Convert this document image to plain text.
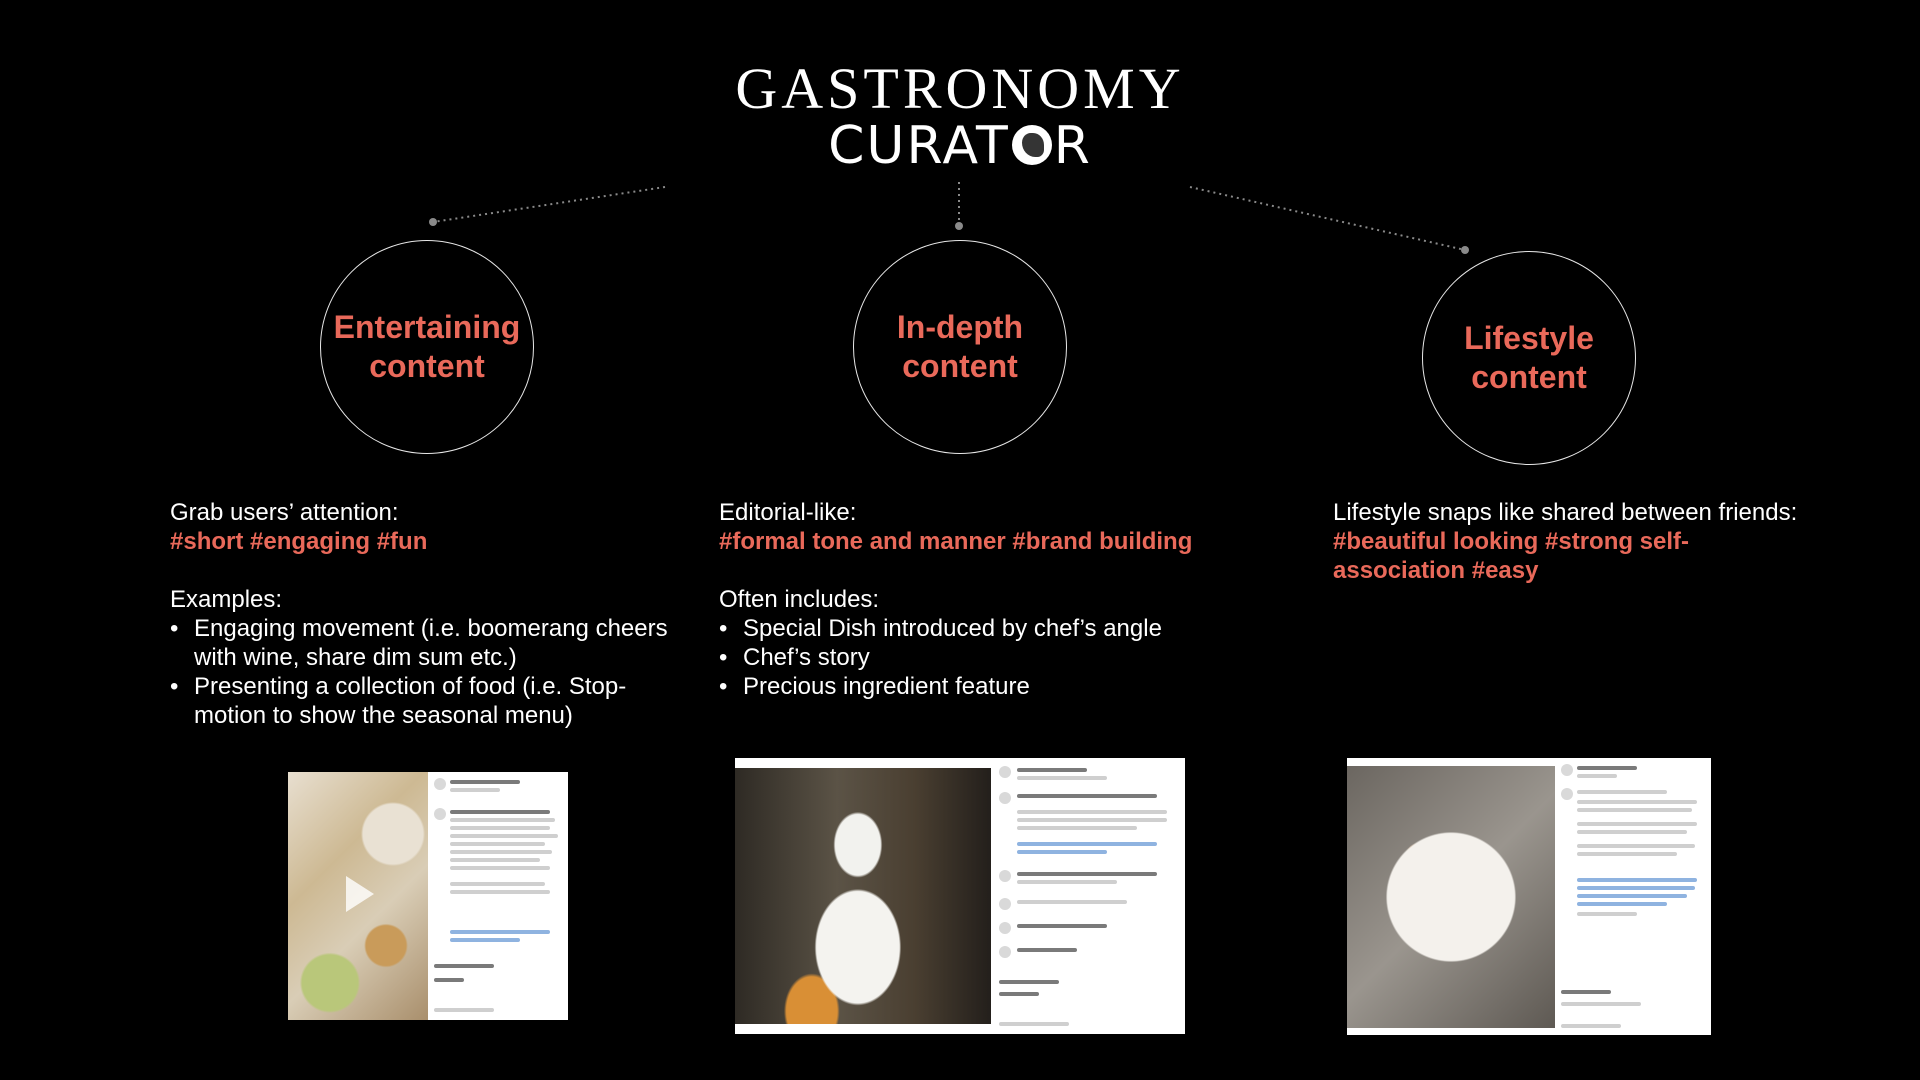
GASTRONOMY
CURAT R
Entertaining content
In-depth content
Lifestyle content
Grab users’ attention:
#short #engaging #fun
Examples:
• Engaging movement (i.e. boomerang cheers with wine, share dim sum etc.)
• Presenting a collection of food (i.e. Stop-motion to show the seasonal menu)
Editorial-like:
#formal tone and manner #brand building
Often includes:
• Special Dish introduced by chef’s angle
• Chef’s story
• Precious ingredient feature
Lifestyle snaps like shared between friends:
#beautiful looking #strong self-association #easy
